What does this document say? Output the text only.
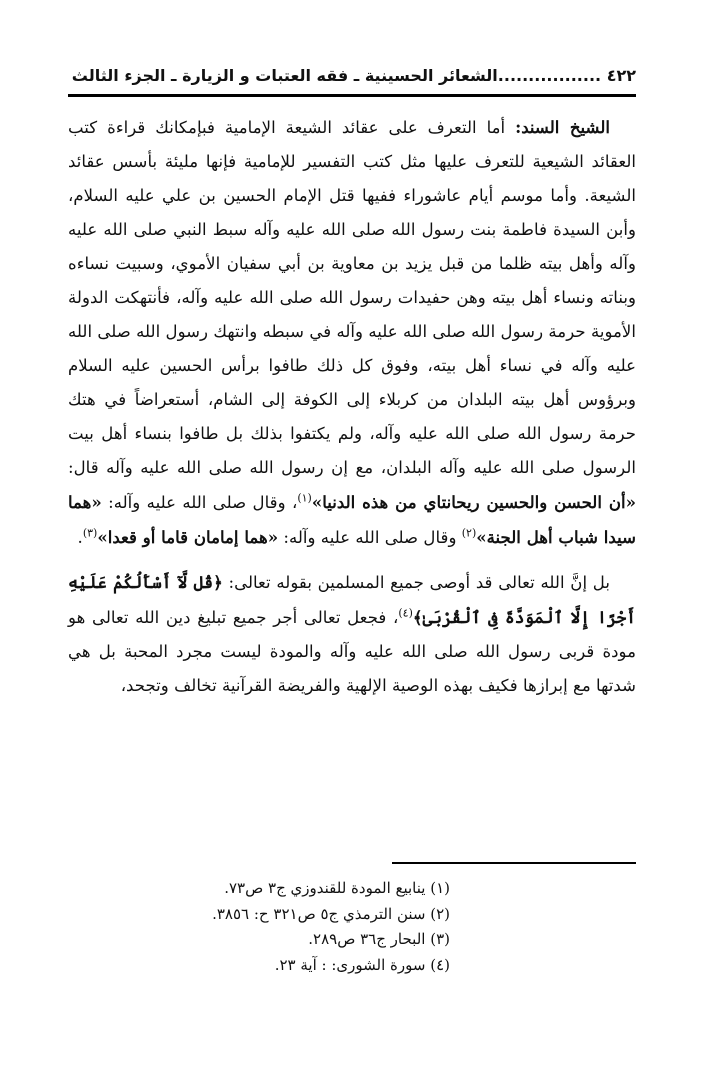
٤٢٢ .................الشعائر الحسينية ـ فقه العتبات و الزيارة ـ الجزء الثالث

الشيخ السند: أما التعرف على عقائد الشيعة الإمامية فبإمكانك قراءة كتب العقائد الشيعية للتعرف عليها مثل كتب التفسير للإمامية فإنها مليئة بأسس عقائد الشيعة. وأما موسم أيام عاشوراء ففيها قتل الإمام الحسين بن علي عليه السلام، وأبن السيدة فاطمة بنت رسول الله صلى الله عليه وآله سبط النبي صلى الله عليه وآله وأهل بيته ظلما من قبل يزيد بن معاوية بن أبي سفيان الأموي، وسبيت نساءه وبناته ونساء أهل بيته وهن حفيدات رسول الله صلى الله عليه وآله، فأنتهكت الدولة الأموية حرمة رسول الله صلى الله عليه وآله في سبطه وانتهك رسول الله صلى الله عليه وآله في نساء أهل بيته، وفوق كل ذلك طافوا برأس الحسين عليه السلام وبرؤوس أهل بيته البلدان من كربلاء إلى الكوفة إلى الشام، أستعراضاً في هتك حرمة رسول الله صلى الله عليه وآله، ولم يكتفوا بذلك بل طافوا بنساء أهل بيت الرسول صلى الله عليه وآله البلدان، مع إن رسول الله صلى الله عليه وآله قال: «أن الحسن والحسين ريحانتاي من هذه الدنيا»$^{(١)}$، وقال صلى الله عليه وآله: «هما سيدا شباب أهل الجنة»$^{(٢)}$ وقال صلى الله عليه وآله: «هما إمامان قاما أو قعدا»$^{(٣)}$.

بل إنَّ الله تعالى قد أوصى جميع المسلمين بقوله تعالى: ﴿قُل لَّآ أَسْأَلُكُمْ عَلَيْهِ أَجْرًا إِلَّا ٱلْمَوَدَّةَ فِى ٱلْقُرْبَىٰ﴾$^{(٤)}$، فجعل تعالى أجر جميع تبليغ دين الله تعالى هو مودة قربى رسول الله صلى الله عليه وآله والمودة ليست مجرد المحبة بل هي شدتها مع إبرازها فكيف بهذه الوصية الإلهية والفريضة القرآنية تخالف وتجحد،

(١) ينابيع المودة للقندوزي ج٣ ص٧٣.
(٢) سنن الترمذي ج٥ ص٣٢١ ح: ٣٨٥٦.
(٣) البحار ج٣٦ ص٢٨٩.
(٤) سورة الشورى: : آية ٢٣.
